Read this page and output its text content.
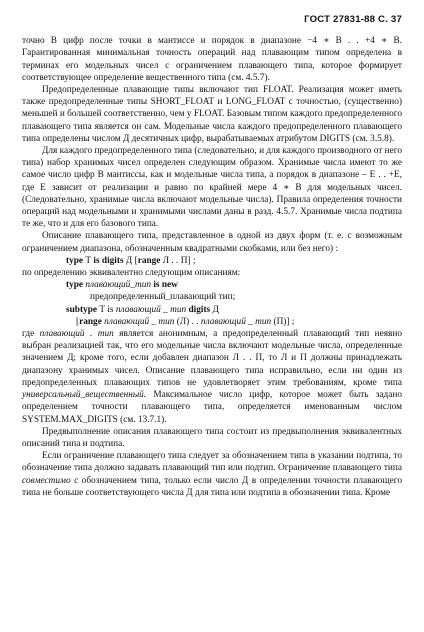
ГОСТ 27831-88 С. 37

точно В цифр после точки в мантиссе и порядок в диапазоне −4 ∗ В . . +4 ∗ В. Гарантированная минимальная точность операций над плавающим типом определена в терминах его модельных чисел с ограничением плавающего типа, которое формирует соответствующее определение вещественного типа (см. 4.5.7).

Предопределенные плавающие типы включают тип FLOAT. Реализация может иметь также предопределенные типы SHORT_FLOAT и LONG_FLOAT с точностью, (существенно) меньшей и большей соответственно, чем у FLOAT. Базовым типом каждого предопределенного плавающего типа является он сам. Модельные числа каждого предопределенного плавающего типа определены числом Д десятичных цифр, вырабатываемых атрибутом DIGITS (см. 3.5.8).

Для каждого предопределенного типа (следовательно, и для каждого производного от него типа) набор хранимых чисел определен следующим образом. Хранимые числа имеют то же самое число цифр В мантиссы, как и модельные числа типа, а порядок в диапазоне – Е . . +Е, где Е зависит от реализации и равно по крайней мере 4 ∗ В для модельных чисел. (Следовательно, хранимые числа включают модельные числа). Правила определения точности операций над модельными и хранимыми числами даны в разд. 4.5.7. Хранимые числа подтипа те же, что и для его базового типа.

Описание плавающего типа, представленное в одной из двух форм (т. е. с возможным ограничением диапазона, обозначенным квадратными скобками, или без него) :

type Т is digits Д [range Л . . П] ;

по определению эквивалентно следующим описаниям:

type плавающий_тип is new

предопределенный_плавающий тип;

subtype Т is плавающий _ тип digits Д

[range плавающий _ тип (Л) . . плавающий _ тип (П)] ;

где плавающий . тип является анонимным, а предопределенный плавающий тип неявно выбран реализацией так, что его модельные числа включают модельные числа, определенные значением Д; кроме того, если добавлен диапазон Л . . П, то Л и П должны принадлежать диапазону хранимых чисел. Описание плавающего типа исправильно, если ни один из предопределенных плавающих типов не удовлетворяет этим требованиям, кроме типа универсальный_вещественный. Максимальное число цифр, которое может быть задано определением точности плавающего типа, определяется именованным числом SYSTEM.MAX_DIGITS (см. 13.7.1).

Предвыполнение описания плавающего типа состоит из предвыполнения эквивалентных описаний типа и подтипа.

Если ограничение плавающего типа следует за обозначением типа в указании подтипа, то обозначение типа должно задавать плавающий тип или подтип. Ограничение плавающего типа совместимо с обозначением типа, только если число Д в определении точности плавающего типа не больше соответствующего числа Д для типа или подтипа в обозначении типа. Кроме
